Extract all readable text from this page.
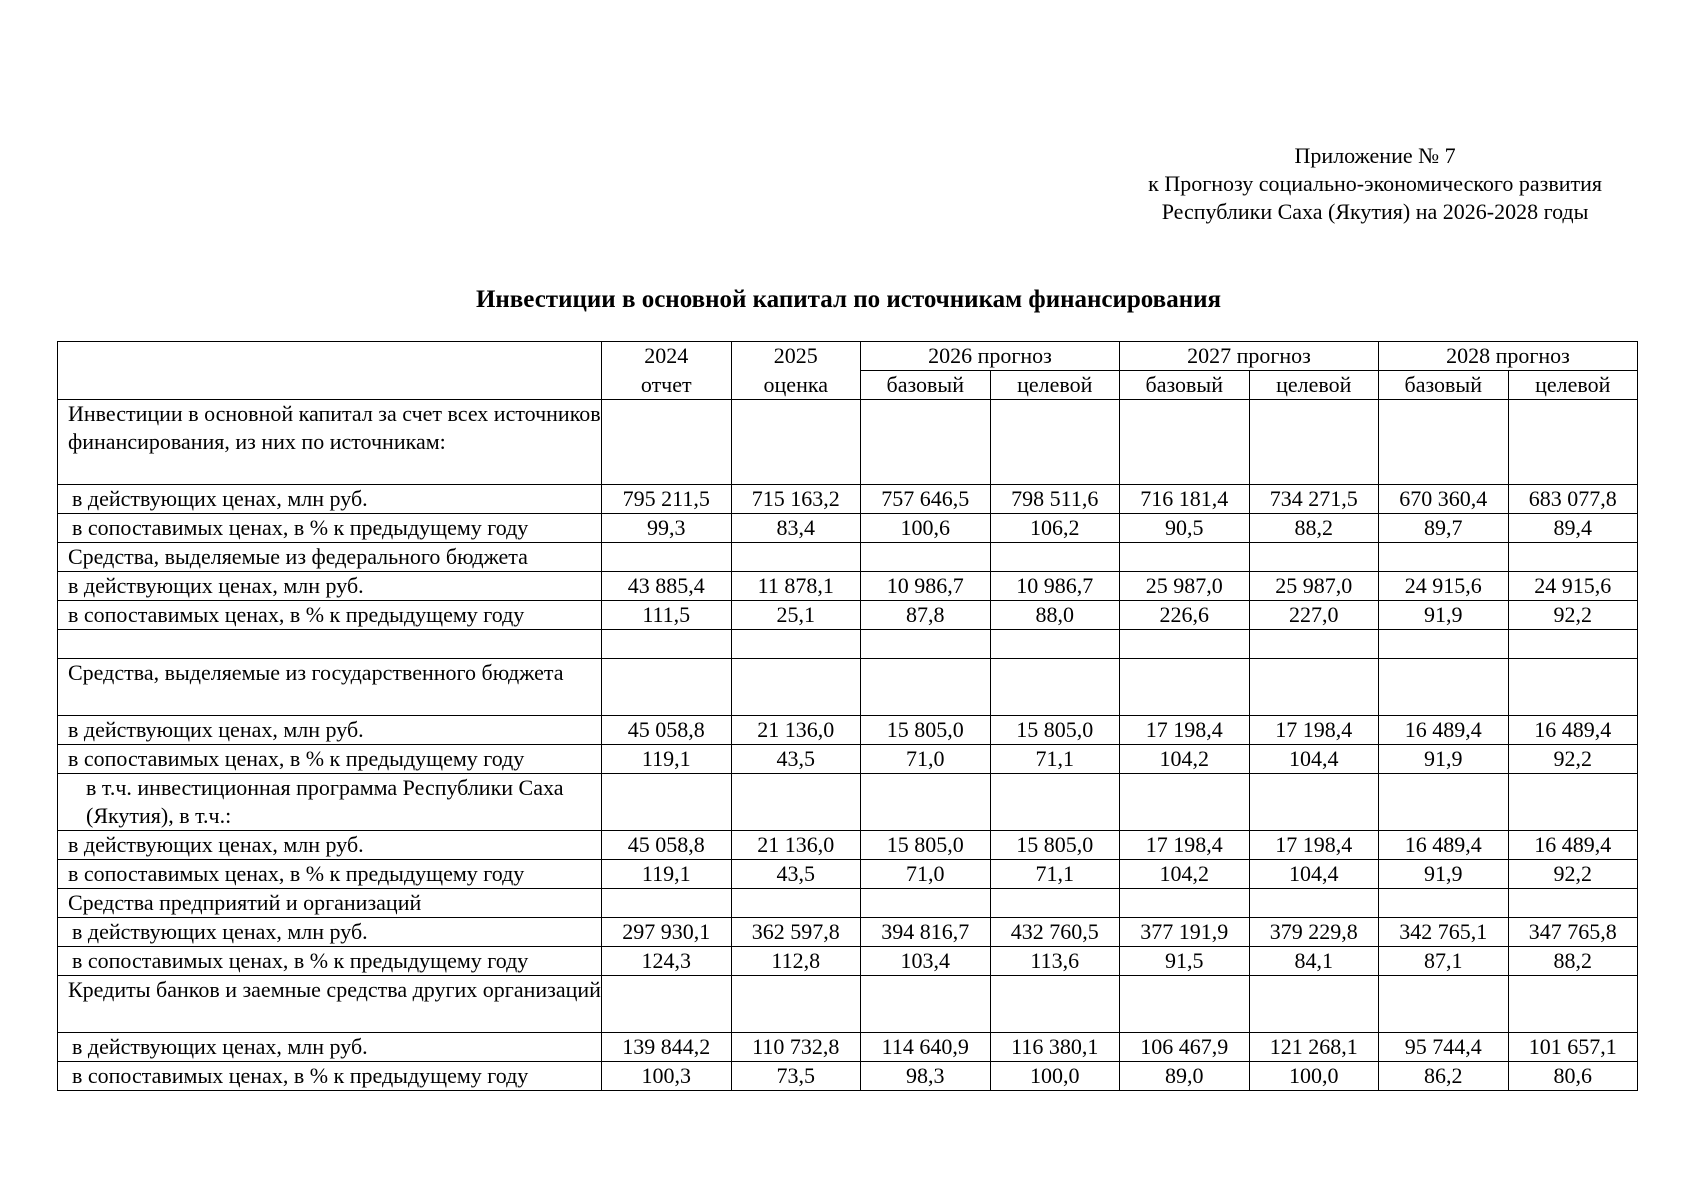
Приложение № 7
к Прогнозу социально-экономического развития
Республики Саха (Якутия) на 2026-2028 годы
Инвестиции в основной капитал по источникам финансирования
	2024	2025	2026 прогноз		2027 прогноз		2028 прогноз	
	отчет	оценка	базовый	целевой	базовый	целевой	базовый	целевой
Инвестиции в основной капитал за счет всех источников финансирования, из них по источникам:								
в действующих ценах, млн руб.	795 211,5	715 163,2	757 646,5	798 511,6	716 181,4	734 271,5	670 360,4	683 077,8
в сопоставимых ценах, в % к предыдущему году	99,3	83,4	100,6	106,2	90,5	88,2	89,7	89,4
Средства, выделяемые из федерального бюджета								
в действующих ценах, млн руб.	43 885,4	11 878,1	10 986,7	10 986,7	25 987,0	25 987,0	24 915,6	24 915,6
в сопоставимых ценах, в % к предыдущему году	111,5	25,1	87,8	88,0	226,6	227,0	91,9	92,2

Средства, выделяемые из государственного бюджета								
в действующих ценах, млн руб.	45 058,8	21 136,0	15 805,0	15 805,0	17 198,4	17 198,4	16 489,4	16 489,4
в сопоставимых ценах, в % к предыдущему году	119,1	43,5	71,0	71,1	104,2	104,4	91,9	92,2
в т.ч. инвестиционная программа Республики Саха (Якутия), в т.ч.:								
в действующих ценах, млн руб.	45 058,8	21 136,0	15 805,0	15 805,0	17 198,4	17 198,4	16 489,4	16 489,4
в сопоставимых ценах, в % к предыдущему году	119,1	43,5	71,0	71,1	104,2	104,4	91,9	92,2
Средства предприятий и организаций								
в действующих ценах, млн руб.	297 930,1	362 597,8	394 816,7	432 760,5	377 191,9	379 229,8	342 765,1	347 765,8
в сопоставимых ценах, в % к предыдущему году	124,3	112,8	103,4	113,6	91,5	84,1	87,1	88,2
Кредиты банков и заемные средства других организаций								
в действующих ценах, млн руб.	139 844,2	110 732,8	114 640,9	116 380,1	106 467,9	121 268,1	95 744,4	101 657,1
в сопоставимых ценах, в % к предыдущему году	100,3	73,5	98,3	100,0	89,0	100,0	86,2	80,6
